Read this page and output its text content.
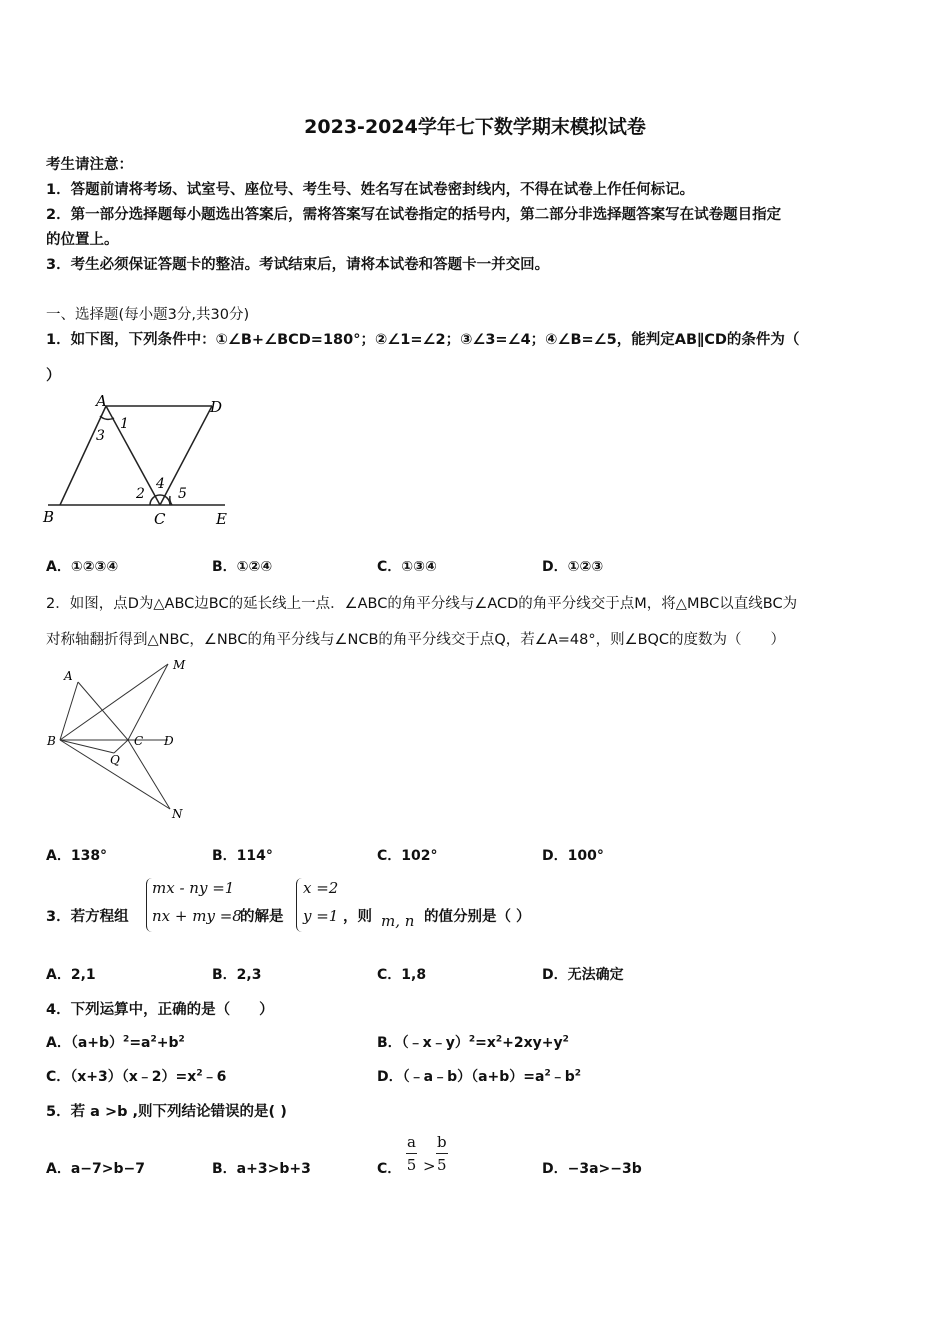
2023-2024学年七下数学期末模拟试卷
考生请注意：
1．答题前请将考场、试室号、座位号、考生号、姓名写在试卷密封线内，不得在试卷上作任何标记。
2．第一部分选择题每小题选出答案后，需将答案写在试卷指定的括号内，第二部分非选择题答案写在试卷题目指定
的位置上。
3．考生必须保证答题卡的整洁。考试结束后，请将本试卷和答题卡一并交回。
一、选择题(每小题3分,共30分)
1．如下图，下列条件中：①∠B+∠BCD=180°；②∠1=∠2；③∠3=∠4；④∠B=∠5，能判定AB∥CD的条件为（
）
A	D
B	C	E
1
3
2
4
5
A．①②③④	B．①②④	C．①③④	D．①②③
2．如图，点D为△ABC边BC的延长线上一点．∠ABC的角平分线与∠ACD的角平分线交于点M，将△MBC以直线BC为
对称轴翻折得到△NBC，∠NBC的角平分线与∠NCB的角平分线交于点Q，若∠A=48°，则∠BQC的度数为（　　）
A
M
B	C D
Q
N
A．138°	B．114°	C．102°	D．100°
3．若方程组
mx - ny =1
nx + my =8
的解是
x =2
y =1 ，则 m, n 的值分别是（ ）
A．2,1	B．2,3	C．1,8	D．无法确定
4．下列运算中，正确的是（　　）
A．$(a+b)^2=a^2+b^2$	B．$(﹣x﹣y)^2=x^2+2xy+y^2$
C．$(x+3)(x﹣2)=x^2﹣6$	D．$(﹣a﹣b)(a+b)=a^2﹣b^2$
5．若 a >b ,则下列结论错误的是( )
A．a−7>b−7	B．a+3>b+3	C． $\frac{a}{5} > \frac{b}{5}$	D．−3a>−3b
